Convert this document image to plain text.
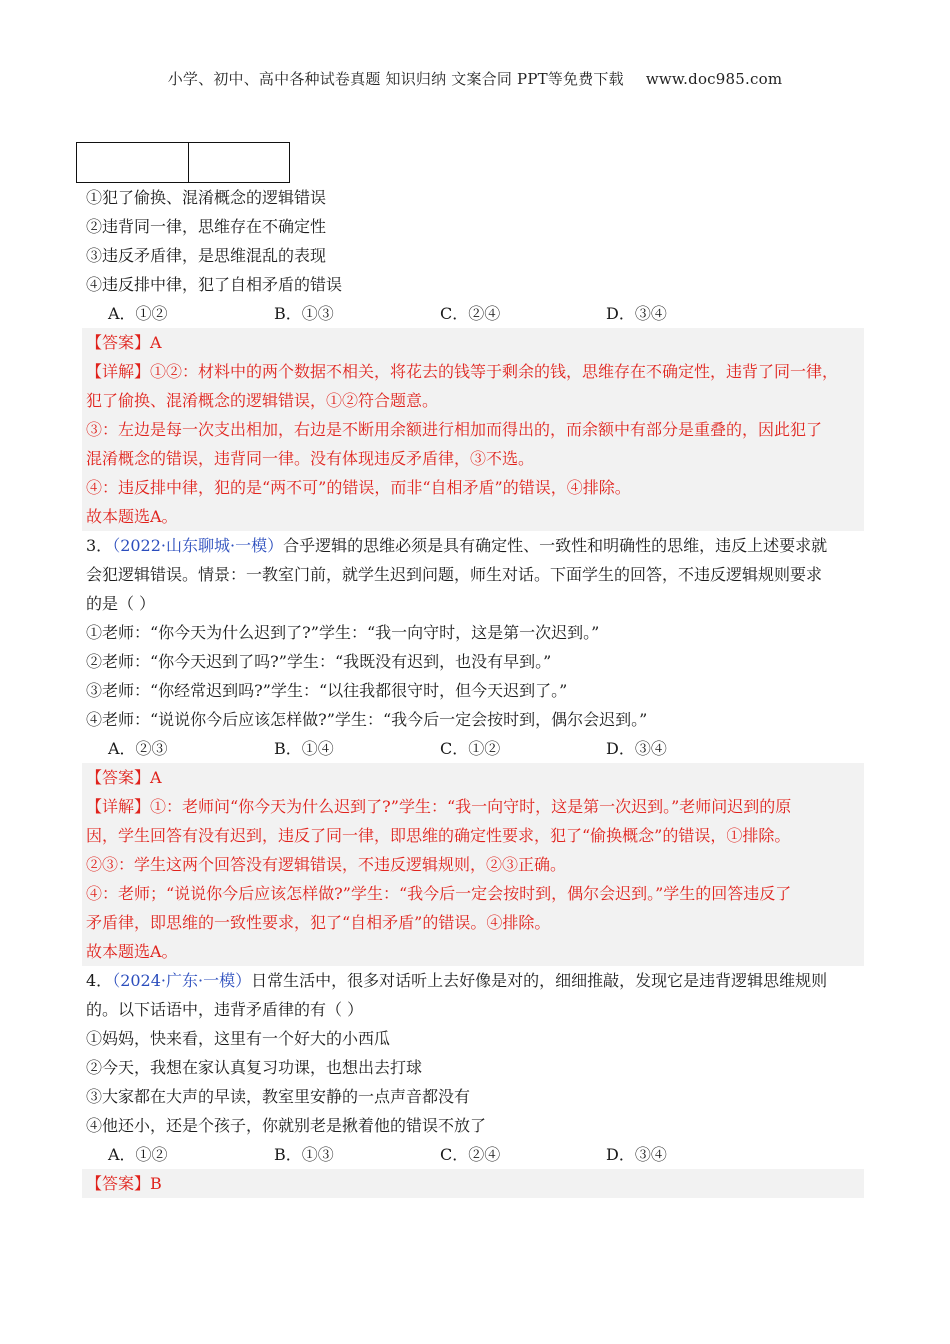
小学、初中、高中各种试卷真题 知识归纳 文案合同 PPT等免费下载 www.doc985.com
①犯了偷换、混淆概念的逻辑错误
②违背同一律，思维存在不确定性
③违反矛盾律，是思维混乱的表现
④违反排中律，犯了自相矛盾的错误
A．①②	B．①③	C．②④	D．③④
【答案】A
【详解】①②：材料中的两个数据不相关，将花去的钱等于剩余的钱，思维存在不确定性，违背了同一律，
犯了偷换、混淆概念的逻辑错误，①②符合题意。
③：左边是每一次支出相加，右边是不断用余额进行相加而得出的，而余额中有部分是重叠的，因此犯了
混淆概念的错误，违背同一律。没有体现违反矛盾律，③不选。
④：违反排中律，犯的是“两不可”的错误，而非“自相矛盾”的错误，④排除。
故本题选A。
3．（2022·山东聊城·一模）合乎逻辑的思维必须是具有确定性、一致性和明确性的思维，违反上述要求就
会犯逻辑错误。情景：一教室门前，就学生迟到问题，师生对话。下面学生的回答，不违反逻辑规则要求
的是（ ）
①老师：“你今天为什么迟到了?”学生：“我一向守时，这是第一次迟到。”
②老师：“你今天迟到了吗?”学生：“我既没有迟到，也没有早到。”
③老师：“你经常迟到吗?”学生：“以往我都很守时，但今天迟到了。”
④老师：“说说你今后应该怎样做?”学生：“我今后一定会按时到，偶尔会迟到。”
A．②③	B．①④	C．①②	D．③④
【答案】A
【详解】①：老师问“你今天为什么迟到了?”学生：“我一向守时，这是第一次迟到。”老师问迟到的原
因，学生回答有没有迟到，违反了同一律，即思维的确定性要求，犯了“偷换概念”的错误，①排除。
②③：学生这两个回答没有逻辑错误，不违反逻辑规则，②③正确。
④：老师；“说说你今后应该怎样做?”学生：“我今后一定会按时到，偶尔会迟到。”学生的回答违反了
矛盾律，即思维的一致性要求，犯了“自相矛盾”的错误。④排除。
故本题选A。
4．（2024·广东·一模）日常生活中，很多对话听上去好像是对的，细细推敲，发现它是违背逻辑思维规则
的。以下话语中，违背矛盾律的有（ ）
①妈妈，快来看，这里有一个好大的小西瓜
②今天，我想在家认真复习功课，也想出去打球
③大家都在大声的早读，教室里安静的一点声音都没有
④他还小，还是个孩子，你就别老是揪着他的错误不放了
A．①②	B．①③	C．②④	D．③④
【答案】B
